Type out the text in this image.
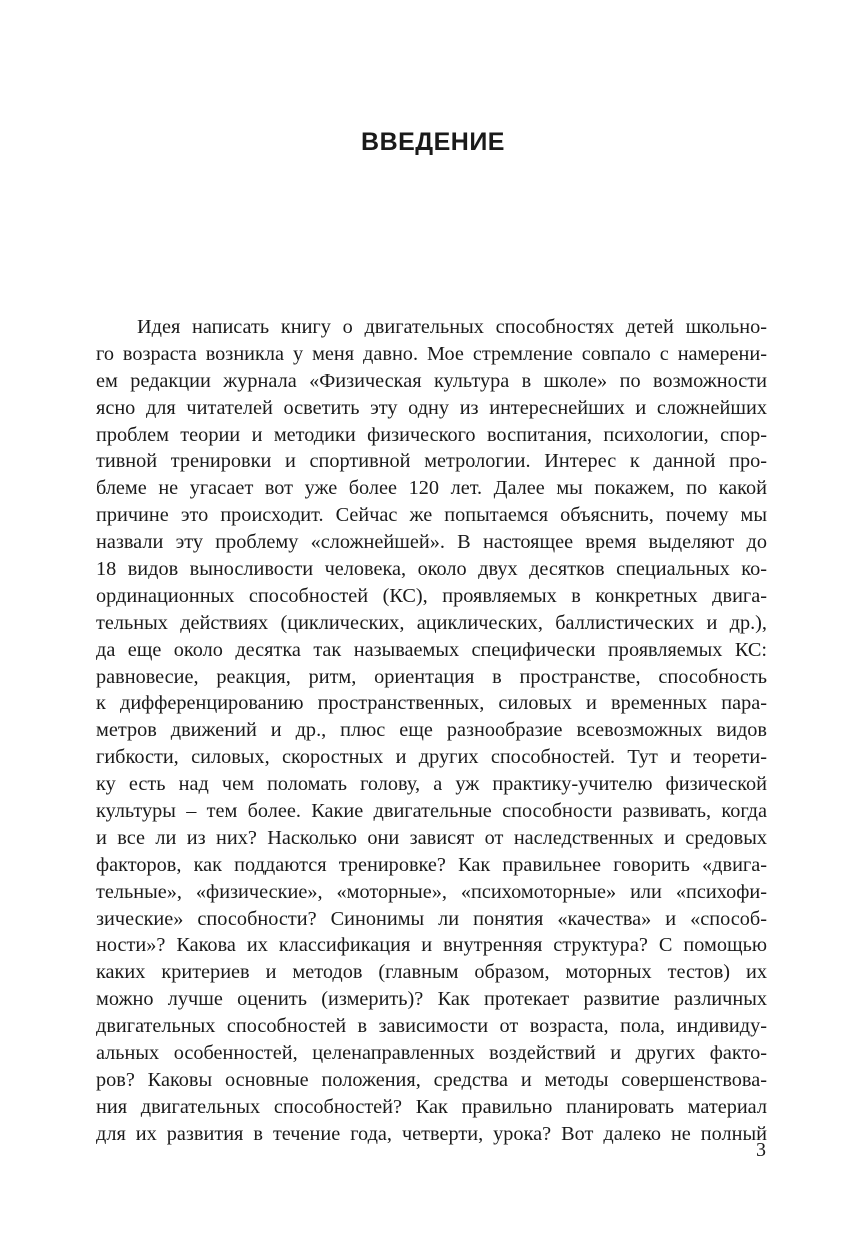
ВВЕДЕНИЕ
Идея написать книгу о двигательных способностях детей школьно-
го возраста возникла у меня давно. Мое стремление совпало с намерени-
ем редакции журнала «Физическая культура в школе» по возможности
ясно для читателей осветить эту одну из интереснейших и сложнейших
проблем теории и методики физического воспитания, психологии, спор-
тивной тренировки и спортивной метрологии. Интерес к данной про-
блеме не угасает вот уже более 120 лет. Далее мы покажем, по какой
причине это происходит. Сейчас же попытаемся объяснить, почему мы
назвали эту проблему «сложнейшей». В настоящее время выделяют до
18 видов выносливости человека, около двух десятков специальных ко-
ординационных способностей (КС), проявляемых в конкретных двига-
тельных действиях (циклических, ациклических, баллистических и др.),
да еще около десятка так называемых специфически проявляемых КС:
равновесие, реакция, ритм, ориентация в пространстве, способность
к дифференцированию пространственных, силовых и временных пара-
метров движений и др., плюс еще разнообразие всевозможных видов
гибкости, силовых, скоростных и других способностей. Тут и теорети-
ку есть над чем поломать голову, а уж практику-учителю физической
культуры – тем более. Какие двигательные способности развивать, когда
и все ли из них? Насколько они зависят от наследственных и средовых
факторов, как поддаются тренировке? Как правильнее говорить «двига-
тельные», «физические», «моторные», «психомоторные» или «психофи-
зические» способности? Синонимы ли понятия «качества» и «способ-
ности»? Какова их классификация и внутренняя структура? С помощью
каких критериев и методов (главным образом, моторных тестов) их
можно лучше оценить (измерить)? Как протекает развитие различных
двигательных способностей в зависимости от возраста, пола, индивиду-
альных особенностей, целенаправленных воздействий и других факто-
ров? Каковы основные положения, средства и методы совершенствова-
ния двигательных способностей? Как правильно планировать материал
для их развития в течение года, четверти, урока? Вот далеко не полный
3
